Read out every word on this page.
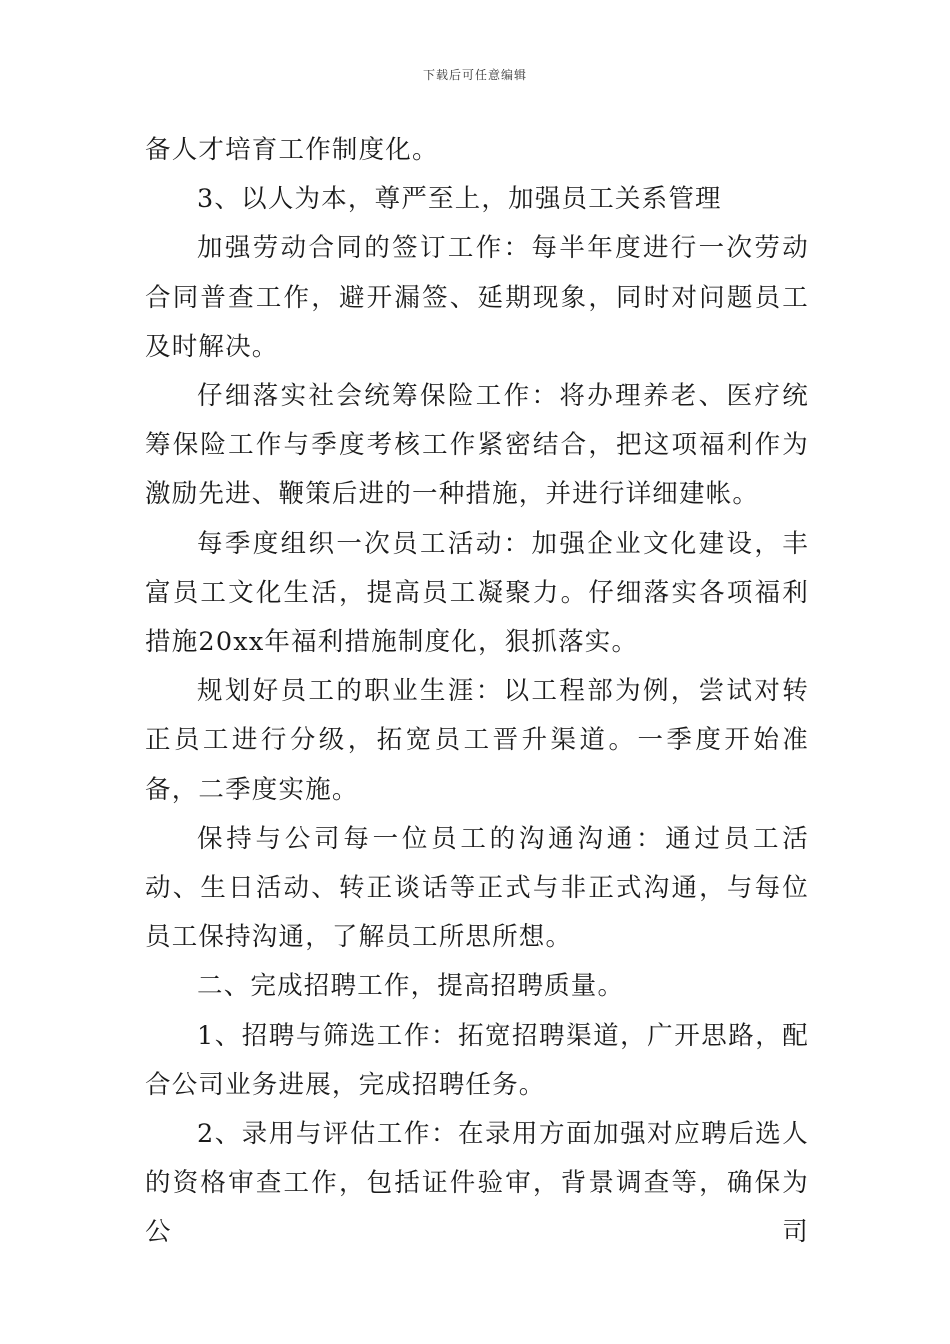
下载后可任意编辑

备人才培育工作制度化。

3、以人为本，尊严至上，加强员工关系管理

加强劳动合同的签订工作：每半年度进行一次劳动合同普查工作，避开漏签、延期现象，同时对问题员工及时解决。

仔细落实社会统筹保险工作：将办理养老、医疗统筹保险工作与季度考核工作紧密结合，把这项福利作为激励先进、鞭策后进的一种措施，并进行详细建帐。

每季度组织一次员工活动：加强企业文化建设，丰富员工文化生活，提高员工凝聚力。仔细落实各项福利措施20xx年福利措施制度化，狠抓落实。

规划好员工的职业生涯：以工程部为例，尝试对转正员工进行分级，拓宽员工晋升渠道。一季度开始准备，二季度实施。

保持与公司每一位员工的沟通沟通：通过员工活动、生日活动、转正谈话等正式与非正式沟通，与每位员工保持沟通，了解员工所思所想。

二、完成招聘工作，提高招聘质量。

1、招聘与筛选工作：拓宽招聘渠道，广开思路，配合公司业务进展，完成招聘任务。

2、录用与评估工作：在录用方面加强对应聘后选人的资格审查工作，包括证件验审，背景调查等，确保为公司
